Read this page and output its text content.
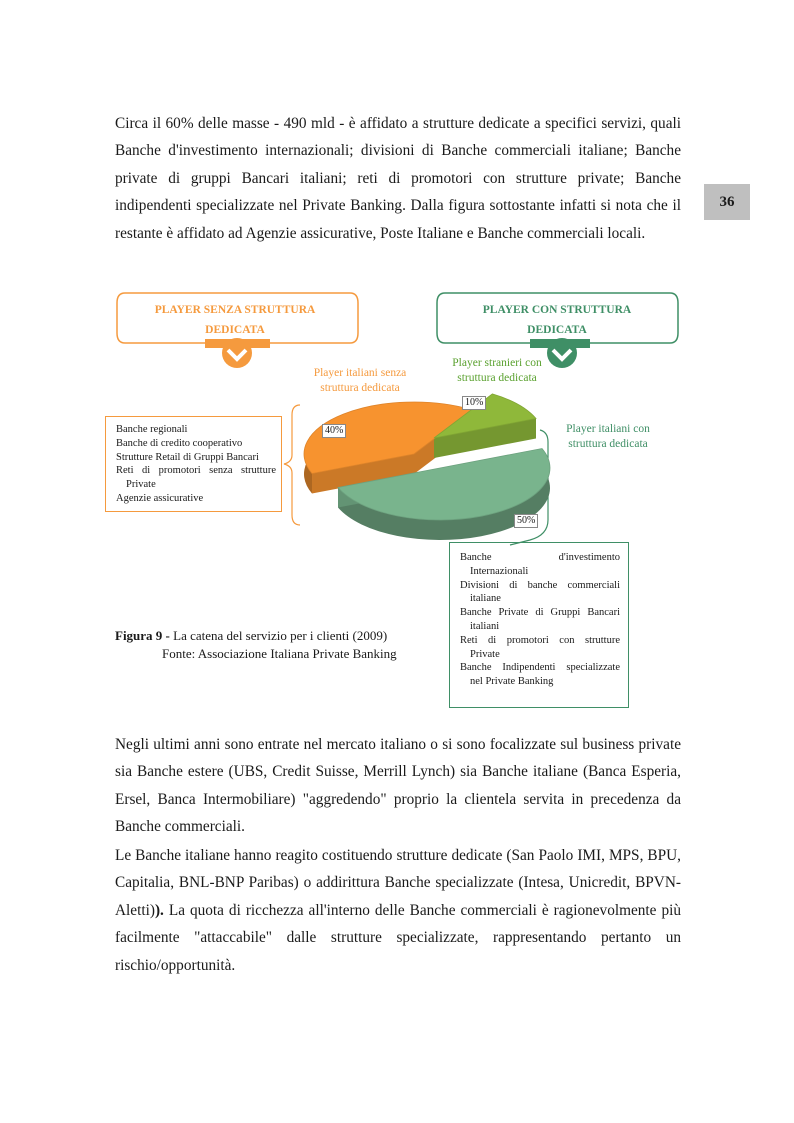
Circa il 60% delle masse - 490 mld - è affidato a strutture dedicate a specifici servizi, quali Banche d'investimento internazionali; divisioni di Banche commerciali italiane; Banche private di gruppi Bancari italiani; reti di promotori con strutture private; Banche indipendenti specializzate nel Private Banking. Dalla figura sottostante infatti si nota che il restante è affidato ad Agenzie assicurative, Poste Italiane e Banche commerciali locali.

36
Player italiani senza
struttura dedicata
Player stranieri con
struttura dedicata
Player italiani con
struttura dedicata
PLAYER SENZA STRUTTURA
DEDICATA
PLAYER CON STRUTTURA
DEDICATA
40%
10%
50%

Banche regionali

Banche di credito cooperativo

Strutture Retail di Gruppi Bancari

Reti di promotori senza strutture

Private

Agenzie assicurative

Banche d'investimento

Internazionali

Divisioni di banche commerciali

italiane

Banche Private di Gruppi Bancari

italiani

Reti di promotori con strutture

Private

Banche Indipendenti specializzate

nel Private Banking

Figura 9 - La catena del servizio per i clienti (2009)
Fonte: Associazione Italiana Private Banking

Negli ultimi anni sono entrate nel mercato italiano o si sono focalizzate sul business private sia Banche estere (UBS, Credit Suisse, Merrill Lynch) sia Banche italiane (Banca Esperia, Ersel, Banca Intermobiliare) "aggredendo" proprio la clientela servita in precedenza da Banche commerciali.

Le Banche italiane hanno reagito costituendo strutture dedicate (San Paolo IMI, MPS, BPU, Capitalia, BNL-BNP Paribas) o addirittura Banche specializzate (Intesa, Unicredit, BPVN-Aletti)). La quota di ricchezza all'interno delle Banche commerciali è ragionevolmente più facilmente "attaccabile" dalle strutture specializzate, rappresentando pertanto un rischio/opportunità.
